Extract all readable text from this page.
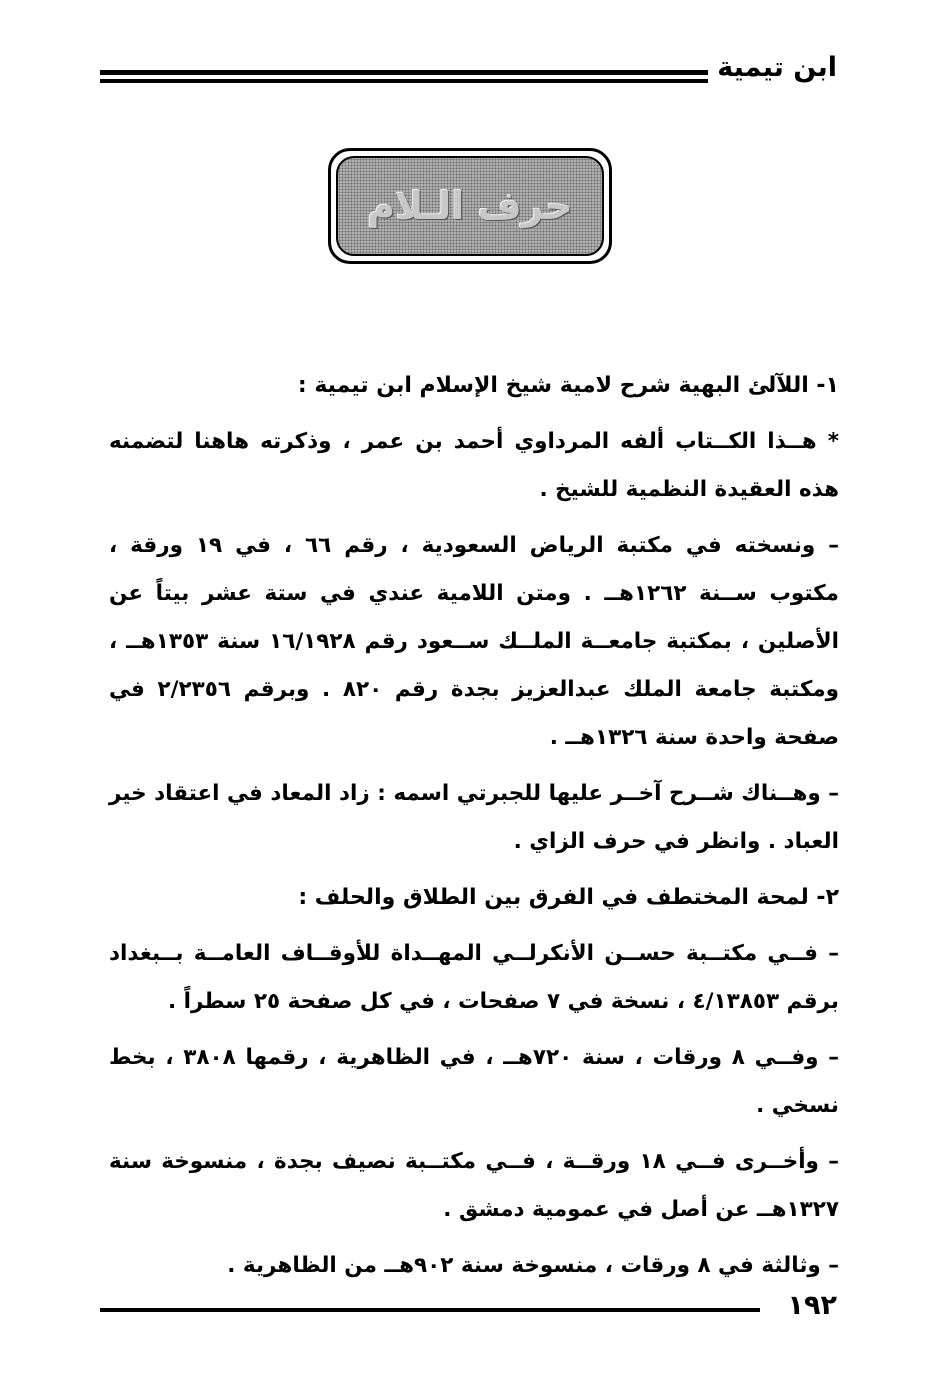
ابن تيمية
حرف الـلام

١- اللآلئ البهية شرح لامية شيخ الإسلام ابن تيمية :

* هــذا الكــتاب ألفه المرداوي أحمد بن عمر ، وذكرته هاهنا لتضمنه هذه العقيدة النظمية للشيخ .

– ونسخته في مكتبة الرياض السعودية ، رقم ٦٦ ، في ١٩ ورقة ، مكتوب ســنة ١٢٦٢هــ . ومتن اللامية عندي في ستة عشر بيتاً عن الأصلين ، بمكتبة جامعــة الملــك ســعود رقم ١٦/١٩٢٨ سنة ١٣٥٣هــ ، ومكتبة جامعة الملك عبدالعزيز بجدة رقم ٨٢٠ . وبرقم ٢/٢٣٥٦ في صفحة واحدة سنة ١٣٢٦هــ .

– وهــناك شــرح آخــر عليها للجبرتي اسمه : زاد المعاد في اعتقاد خير العباد . وانظر في حرف الزاي .

٢- لمحة المختطف في الفرق بين الطلاق والحلف :

– فــي مكتــبة حســن الأنكرلــي المهــداة للأوقــاف العامــة بــبغداد برقم ٤/١٣٨٥٣ ، نسخة في ٧ صفحات ، في كل صفحة ٢٥ سطراً .

– وفــي ٨ ورقات ، سنة ٧٢٠هــ ، في الظاهرية ، رقمها ٣٨٠٨ ، بخط نسخي .

– وأخــرى فــي ١٨ ورقــة ، فــي مكتــبة نصيف بجدة ، منسوخة سنة ١٣٢٧هــ عن أصل في عمومية دمشق .

– وثالثة في ٨ ورقات ، منسوخة سنة ٩٠٢هــ من الظاهرية .

١٩٢
